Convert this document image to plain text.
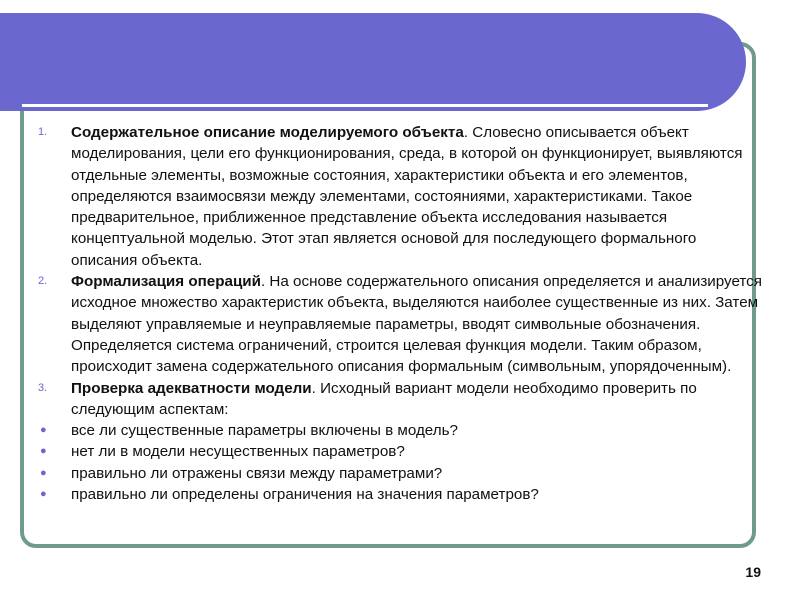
1.	Содержательное описание моделируемого объекта. Словесно описывается объект моделирования, цели его функционирования, среда, в которой он функционирует, выявляются отдельные элементы, возможные состояния, характеристики объекта и его элементов, определяются взаимосвязи между элементами, состояниями, характеристиками. Такое предварительное, приближенное представление объекта исследования называется концептуальной моделью. Этот этап является основой для последующего формального описания объекта.
2.	Формализация операций. На основе содержательного описания определяется и анализируется исходное множество характеристик объекта, выделяются наиболее существенные из них. Затем выделяют управляемые и неуправляемые параметры, вводят символьные обозначения. Определяется система ограничений, строится целевая функция модели. Таким образом, происходит замена содержательного описания формальным (символьным, упорядоченным).
3.	Проверка адекватности модели. Исходный вариант модели необходимо проверить по следующим аспектам:
●	все ли существенные параметры включены в модель?
●	нет ли в модели несущественных параметров?
●	правильно ли отражены связи между параметрами?
●	правильно ли определены ограничения на значения параметров?
19
